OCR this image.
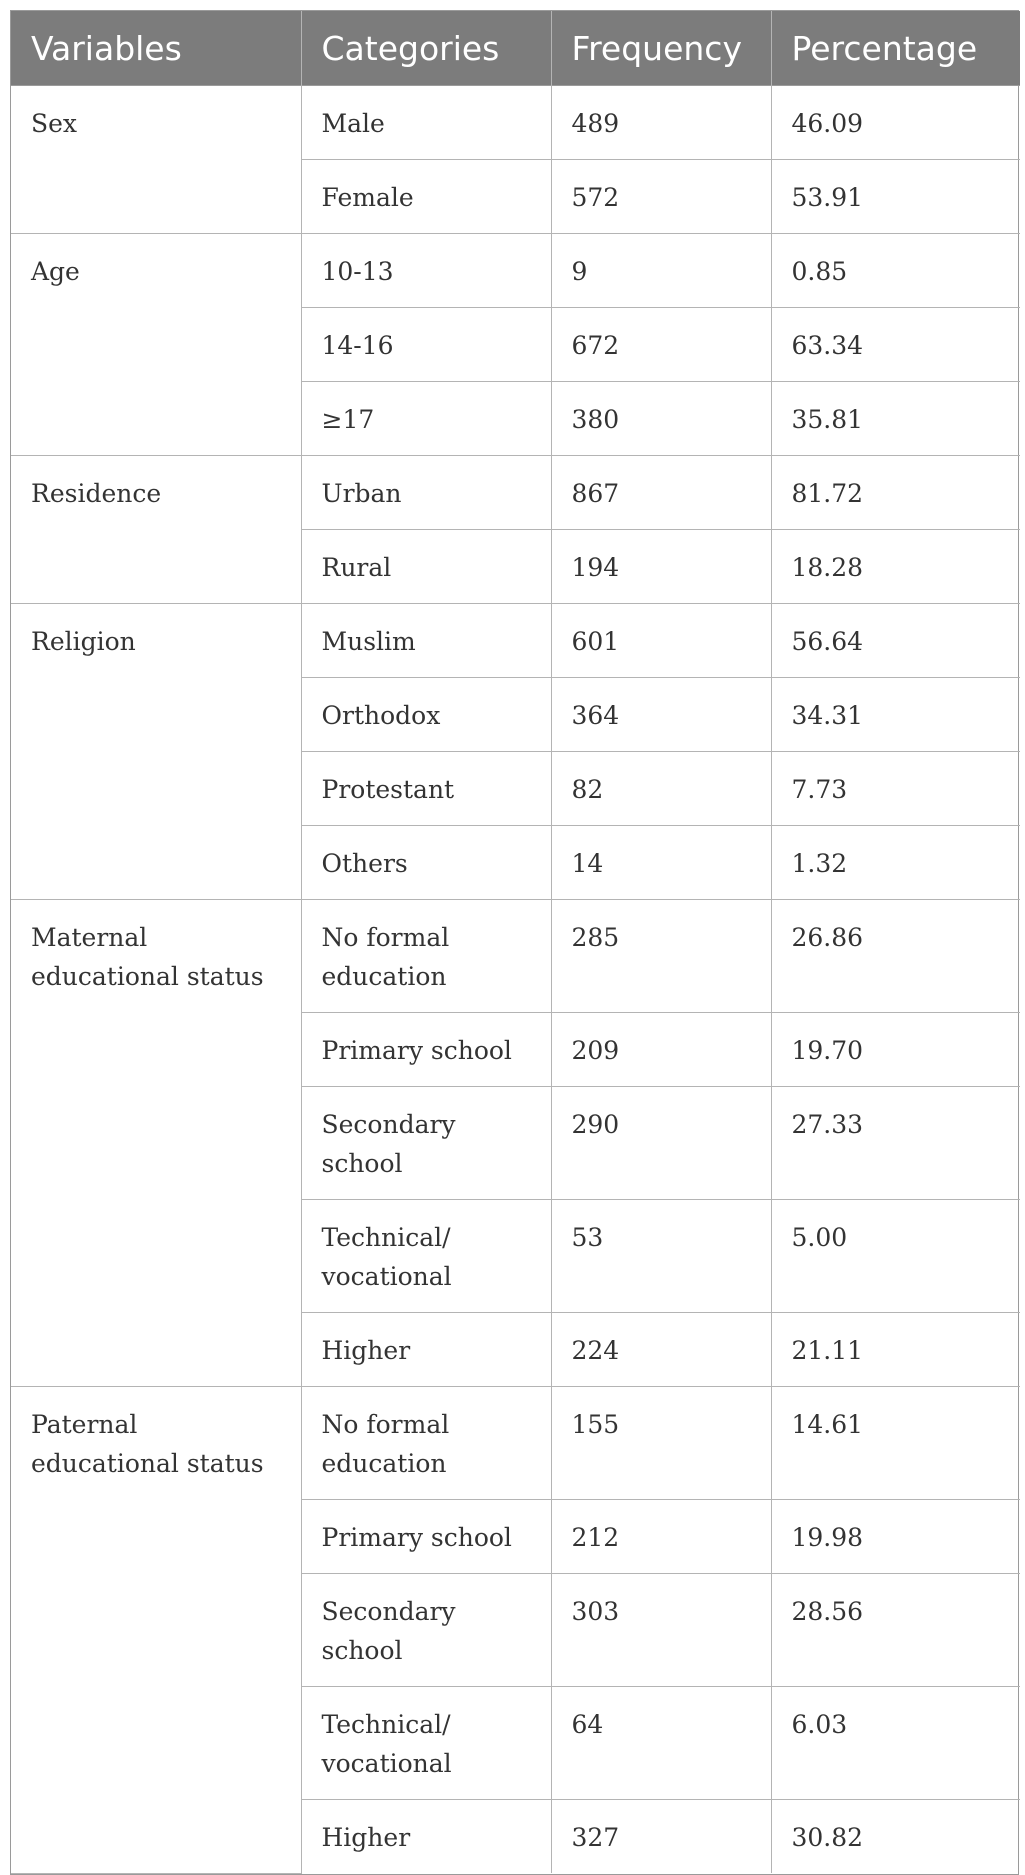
Variables	Categories	Frequency	Percentage
Sex	Male	489	46.09
	Female	572	53.91
Age	10-13	9	0.85
	14-16	672	63.34
	≥17	380	35.81
Residence	Urban	867	81.72
	Rural	194	18.28
Religion	Muslim	601	56.64
	Orthodox	364	34.31
	Protestant	82	7.73
	Others	14	1.32
Maternal educational status	No formal education	285	26.86
	Primary school	209	19.70
	Secondary school	290	27.33
	Technical/ vocational	53	5.00
	Higher	224	21.11
Paternal educational status	No formal education	155	14.61
	Primary school	212	19.98
	Secondary school	303	28.56
	Technical/ vocational	64	6.03
	Higher	327	30.82
